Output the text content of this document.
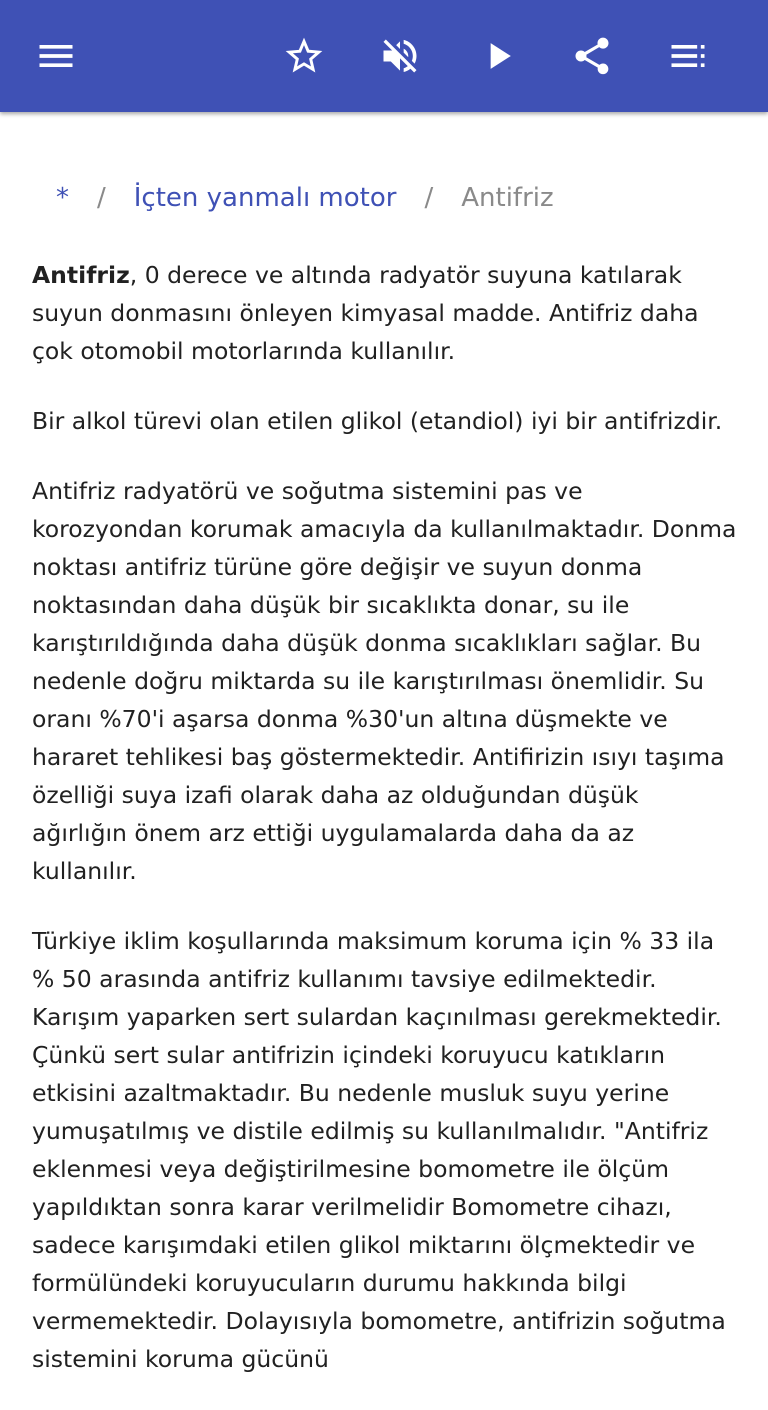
* / İçten yanmalı motor / Antifriz

Antifriz, 0 derece ve altında radyatör suyuna katılarak suyun donmasını önleyen kimyasal madde. Antifriz daha çok otomobil motorlarında kullanılır.

Bir alkol türevi olan etilen glikol (etandiol) iyi bir antifrizdir.

Antifriz radyatörü ve soğutma sistemini pas ve korozyondan korumak amacıyla da kullanılmaktadır. Donma noktası antifriz türüne göre değişir ve suyun donma noktasından daha düşük bir sıcaklıkta donar, su ile karıştırıldığında daha düşük donma sıcaklıkları sağlar. Bu nedenle doğru miktarda su ile karıştırılması önemlidir. Su oranı %70'i aşarsa donma %30'un altına düşmekte ve hararet tehlikesi baş göstermektedir. Antifirizin ısıyı taşıma özelliği suya izafi olarak daha az olduğundan düşük ağırlığın önem arz ettiği uygulamalarda daha da az kullanılır.

Türkiye iklim koşullarında maksimum koruma için % 33 ila % 50 arasında antifriz kullanımı tavsiye edilmektedir. Karışım yaparken sert sulardan kaçınılması gerekmektedir. Çünkü sert sular antifrizin içindeki koruyucu katıkların etkisini azaltmaktadır. Bu nedenle musluk suyu yerine yumuşatılmış ve distile edilmiş su kullanılmalıdır. "Antifriz eklenmesi veya değiştirilmesine bomometre ile ölçüm yapıldıktan sonra karar verilmelidir Bomometre cihazı, sadece karışımdaki etilen glikol miktarını ölçmektedir ve formülündeki koruyucuların durumu hakkında bilgi vermemektedir. Dolayısıyla bomometre, antifrizin soğutma sistemini koruma gücünü
